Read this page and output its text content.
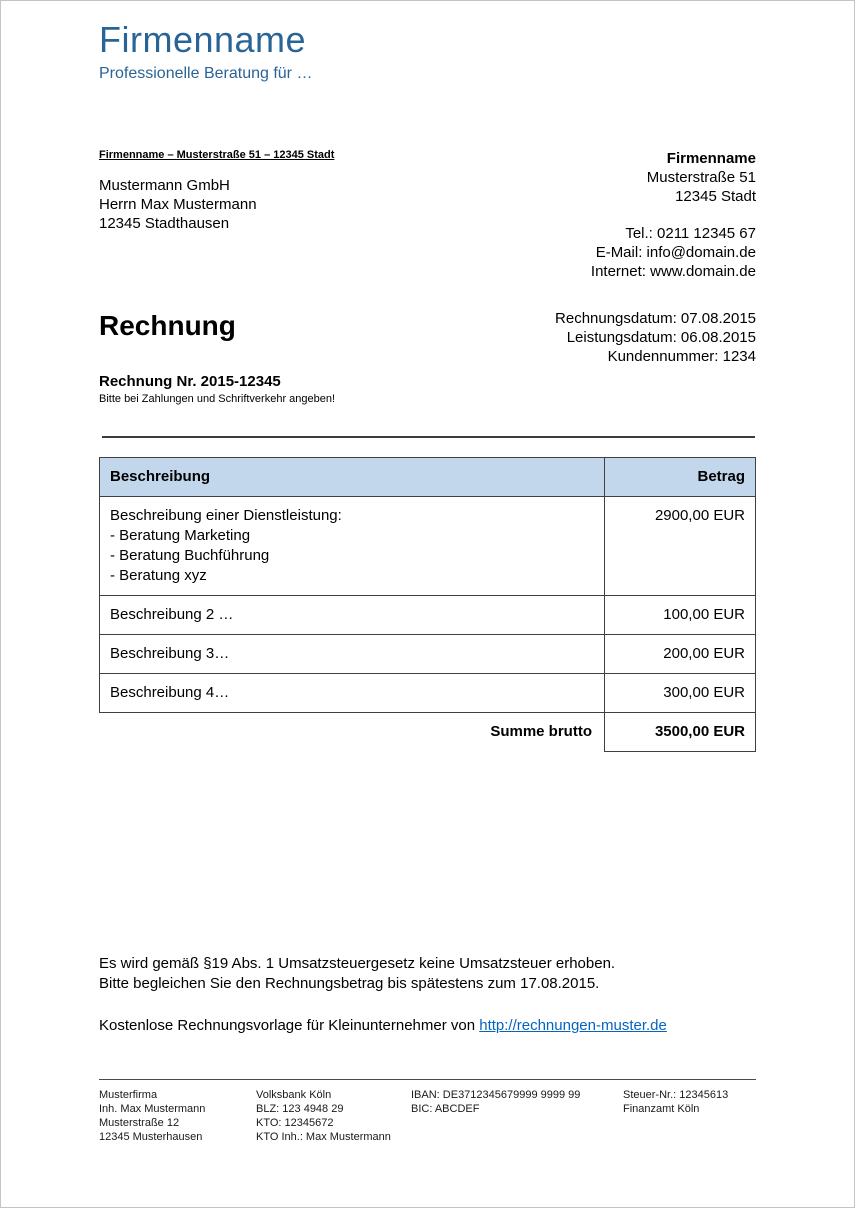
Firmenname
Professionelle Beratung für …
Firmenname – Musterstraße 51 – 12345 Stadt
Mustermann GmbH
Herrn Max Mustermann
12345 Stadthausen
Firmenname
Musterstraße 51
12345 Stadt
Tel.: 0211 12345 67
E-Mail: info@domain.de
Internet: www.domain.de
Rechnung	Rechnungsdatum: 07.08.2015
Leistungsdatum: 06.08.2015
Kundennummer: 1234
Rechnung Nr. 2015-12345
Bitte bei Zahlungen und Schriftverkehr angeben!
Beschreibung	Betrag

Beschreibung einer Dienstleistung:
- Beratung Marketing
- Beratung Buchführung
- Beratung xyz	2900,00 EUR

Beschreibung 2 …	100,00 EUR

Beschreibung 3…	200,00 EUR

Beschreibung 4…	300,00 EUR
Summe brutto	3500,00 EUR
Es wird gemäß §19 Abs. 1 Umsatzsteuergesetz keine Umsatzsteuer erhoben.
Bitte begleichen Sie den Rechnungsbetrag bis spätestens zum 17.08.2015.
Kostenlose Rechnungsvorlage für Kleinunternehmer von http://rechnungen-muster.de
Musterfirma
Inh. Max Mustermann
Musterstraße 12
12345 Musterhausen
Volksbank Köln
BLZ: 123 4948 29
KTO: 12345672
KTO Inh.: Max Mustermann
IBAN: DE3712345679999 9999 99
BIC: ABCDEF
Steuer-Nr.: 12345613
Finanzamt Köln
